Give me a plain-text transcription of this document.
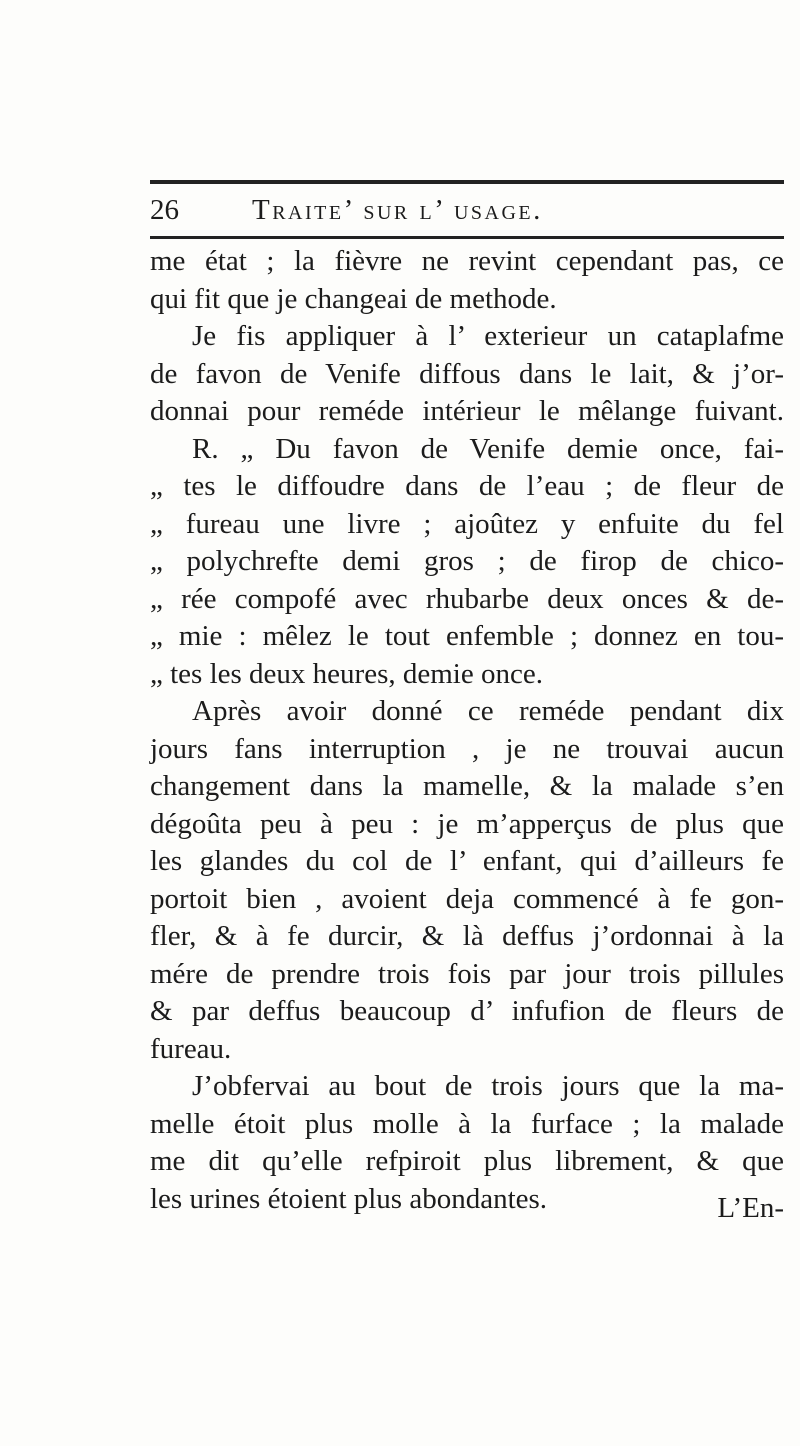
26	Traite’ sur l’ usage.
me état ; la fièvre ne revint cependant pas, ce
qui fit que je changeai de methode.
Je fis appliquer à l’ exterieur un cataplafme
de favon de Venife diffous dans le lait, & j’or-
donnai pour reméde intérieur le mêlange fuivant.
R. „ Du favon de Venife demie once, fai-
„ tes le diffoudre dans de l’eau ; de fleur de
„ fureau une livre ; ajoûtez y enfuite du fel
„ polychrefte demi gros ; de firop de chico-
„ rée compofé avec rhubarbe deux onces & de-
„ mie : mêlez le tout enfemble ; donnez en tou-
„ tes les deux heures, demie once.
Après avoir donné ce reméde pendant dix
jours fans interruption , je ne trouvai aucun
changement dans la mamelle, & la malade s’en
dégoûta peu à peu : je m’apperçus de plus que
les glandes du col de l’ enfant, qui d’ailleurs fe
portoit bien , avoient deja commencé à fe gon-
fler, & à fe durcir, & là deffus j’ordonnai à la
mére de prendre trois fois par jour trois pillules
& par deffus beaucoup d’ infufion de fleurs de
fureau.
J’obfervai au bout de trois jours que la ma-
melle étoit plus molle à la furface ; la malade
me dit qu’elle refpiroit plus librement, & que
les urines étoient plus abondantes.	L’En-
